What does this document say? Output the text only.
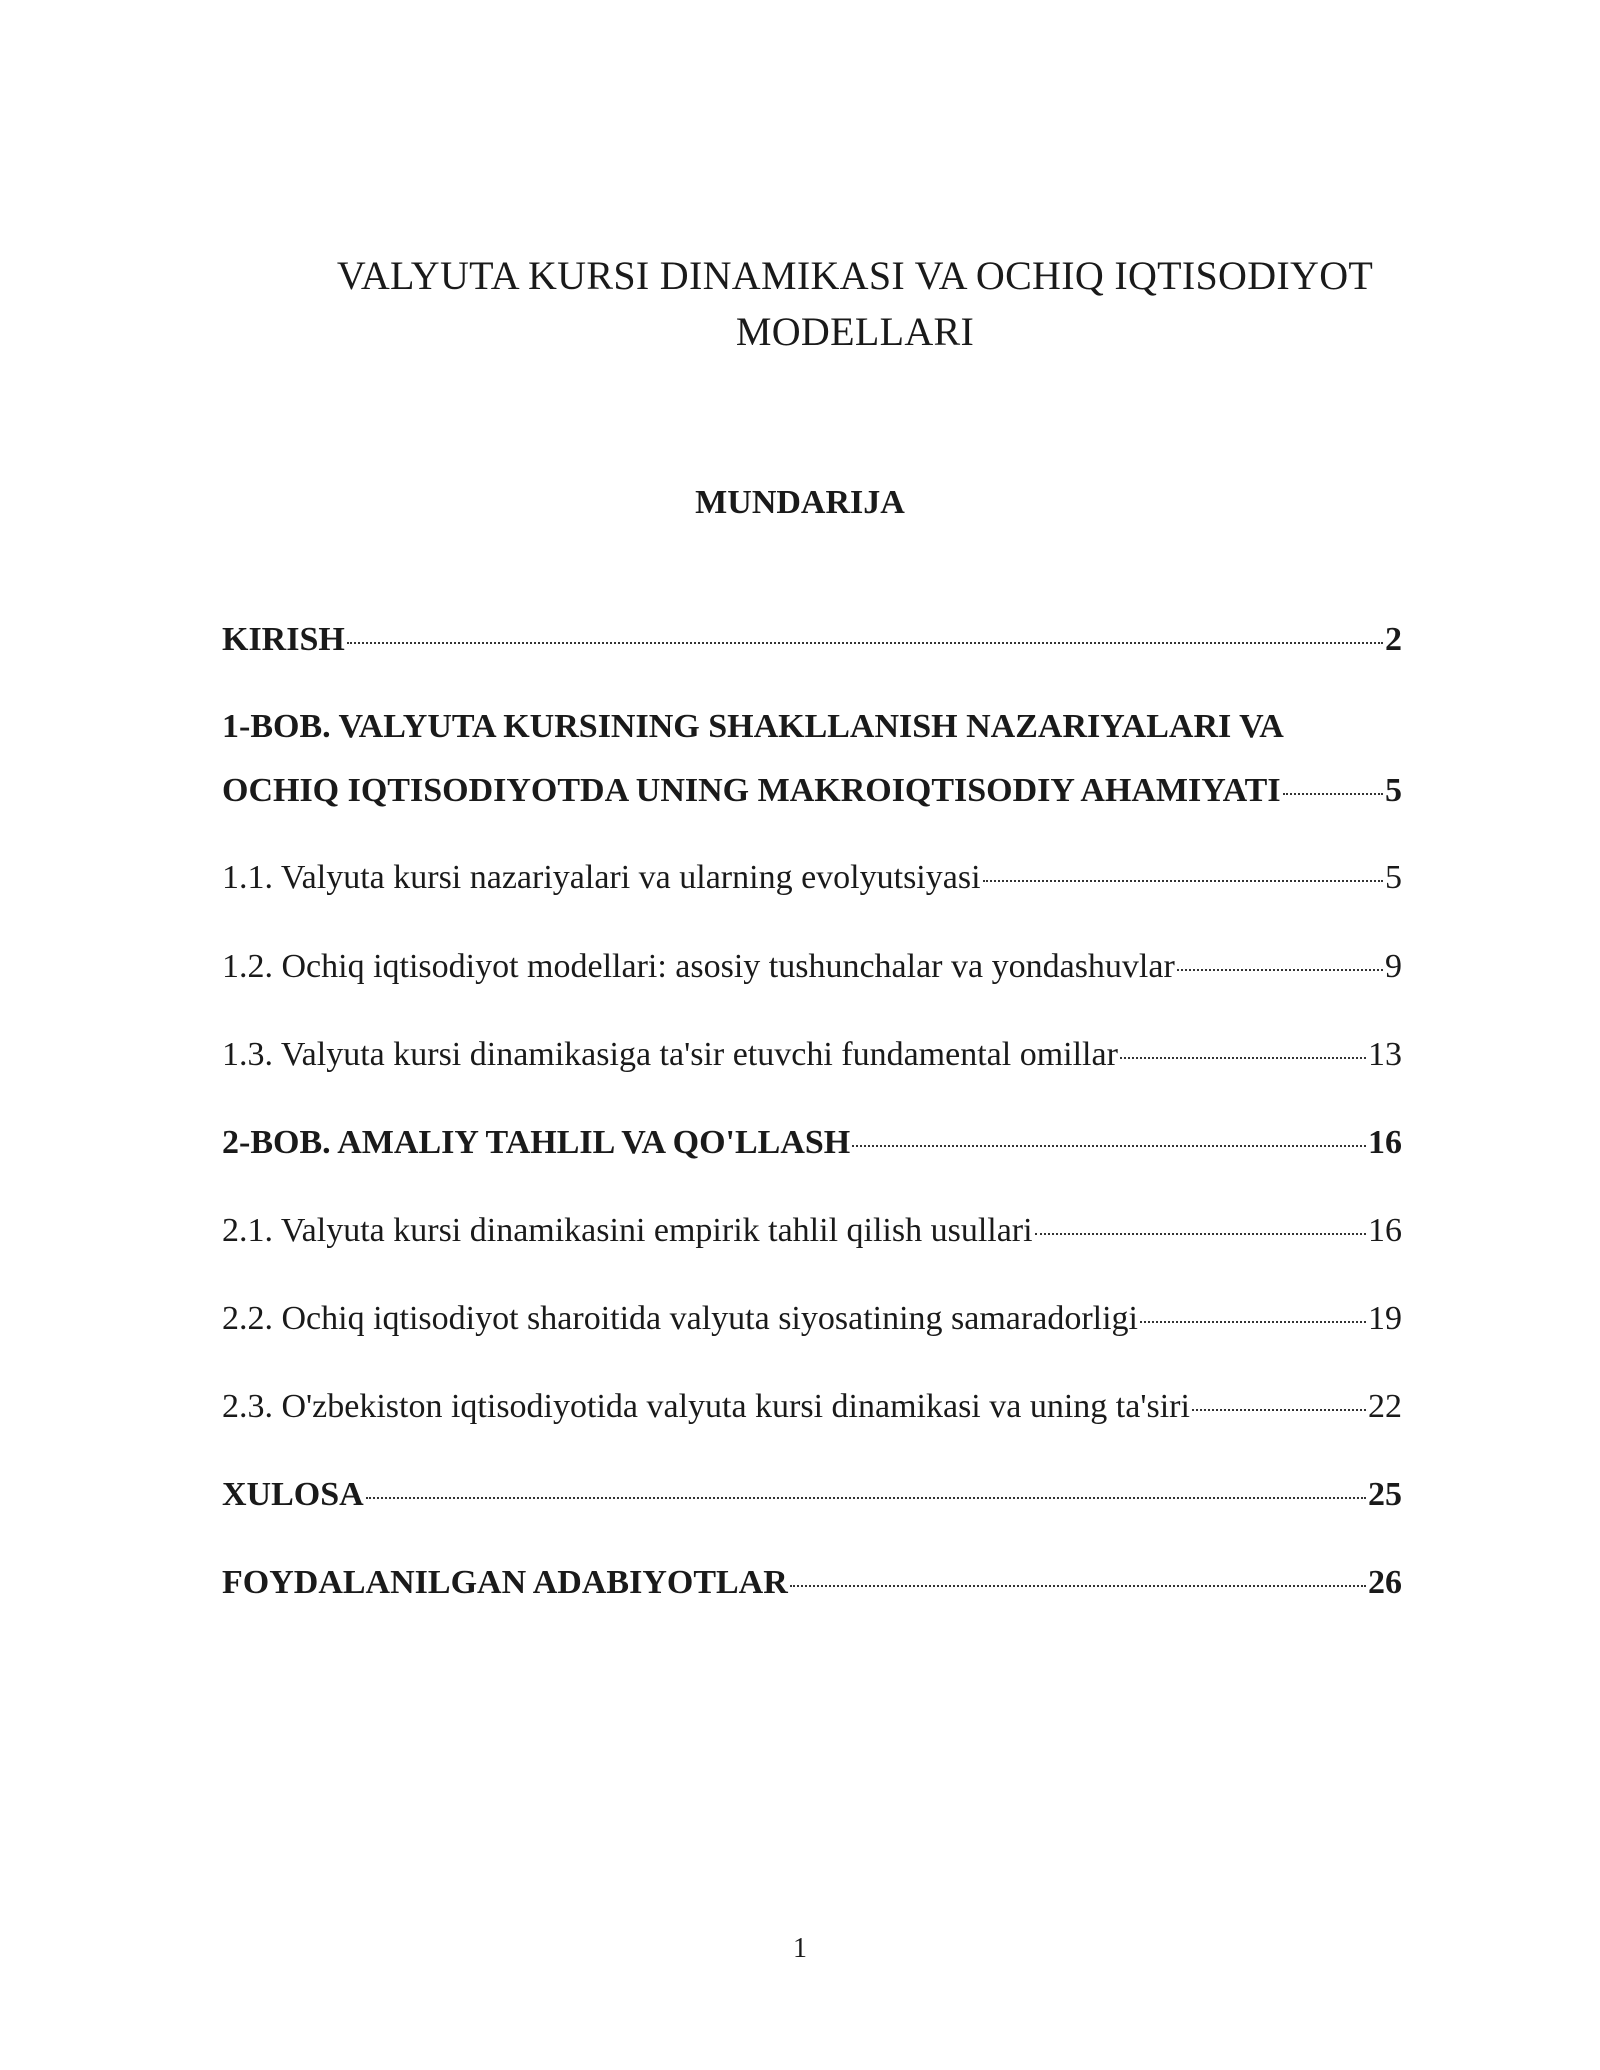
VALYUTA KURSI DINAMIKASI VA OCHIQ IQTISODIYOT
MODELLARI
MUNDARIJA
KIRISH	2
1-BOB. VALYUTA KURSINING SHAKLLANISH NAZARIYALARI VA
OCHIQ IQTISODIYOTDA UNING MAKROIQTISODIY AHAMIYATI	5
1.1. Valyuta kursi nazariyalari va ularning evolyutsiyasi	5
1.2. Ochiq iqtisodiyot modellari: asosiy tushunchalar va yondashuvlar	9
1.3. Valyuta kursi dinamikasiga ta'sir etuvchi fundamental omillar	13
2-BOB. AMALIY TAHLIL VA QO'LLASH	16
2.1. Valyuta kursi dinamikasini empirik tahlil qilish usullari	16
2.2. Ochiq iqtisodiyot sharoitida valyuta siyosatining samaradorligi	19
2.3. O'zbekiston iqtisodiyotida valyuta kursi dinamikasi va uning ta'siri	22
XULOSA	25
FOYDALANILGAN ADABIYOTLAR	26
1
